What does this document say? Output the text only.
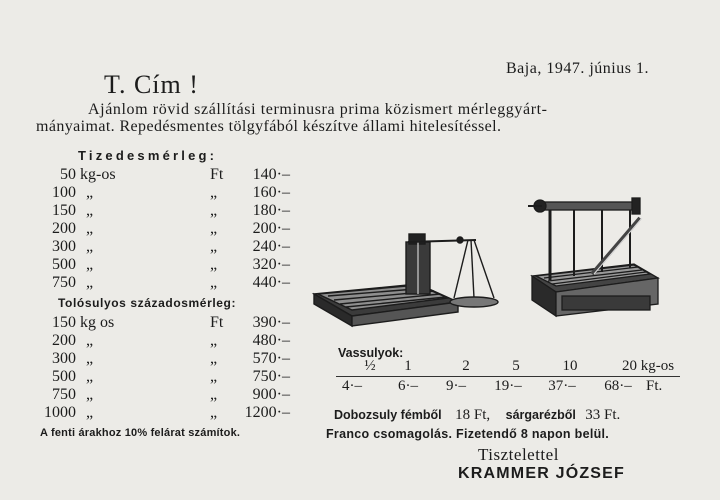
Baja, 1947. június 1.
T. Cím !
Ajánlom rövid szállítási terminusra prima közismert mérleggyárt-
mányaimat. Repedésmentes tölgyfából készítve állami hitelesítéssel.
Tizedesmérleg:
50 kg-os	Ft	140·–
100 „	„	160·–
150 „	„	180·–
200 „	„	200·–
300 „	„	240·–
500 „	„	320·–
750 „	„	440·–
Tolósulyos századosmérleg:
150 kg os	Ft	390·–
200 „	„	480·–
300 „	„	570·–
500 „	„	750·–
750 „	„	900·–
1000 „	„ 1200·–
A fenti árakhoz 10% felárat számítok.
Vassulyok:
½	1	2	5	10	20 kg-os
4·–	6·–	9·–	19·–	37·–	68·– Ft.
Dobozsuly fémből 18 Ft, sárgarézből 33 Ft.
Franco csomagolás. Fizetendő 8 napon belül.
Tisztelettel
KRAMMER JÓZSEF
